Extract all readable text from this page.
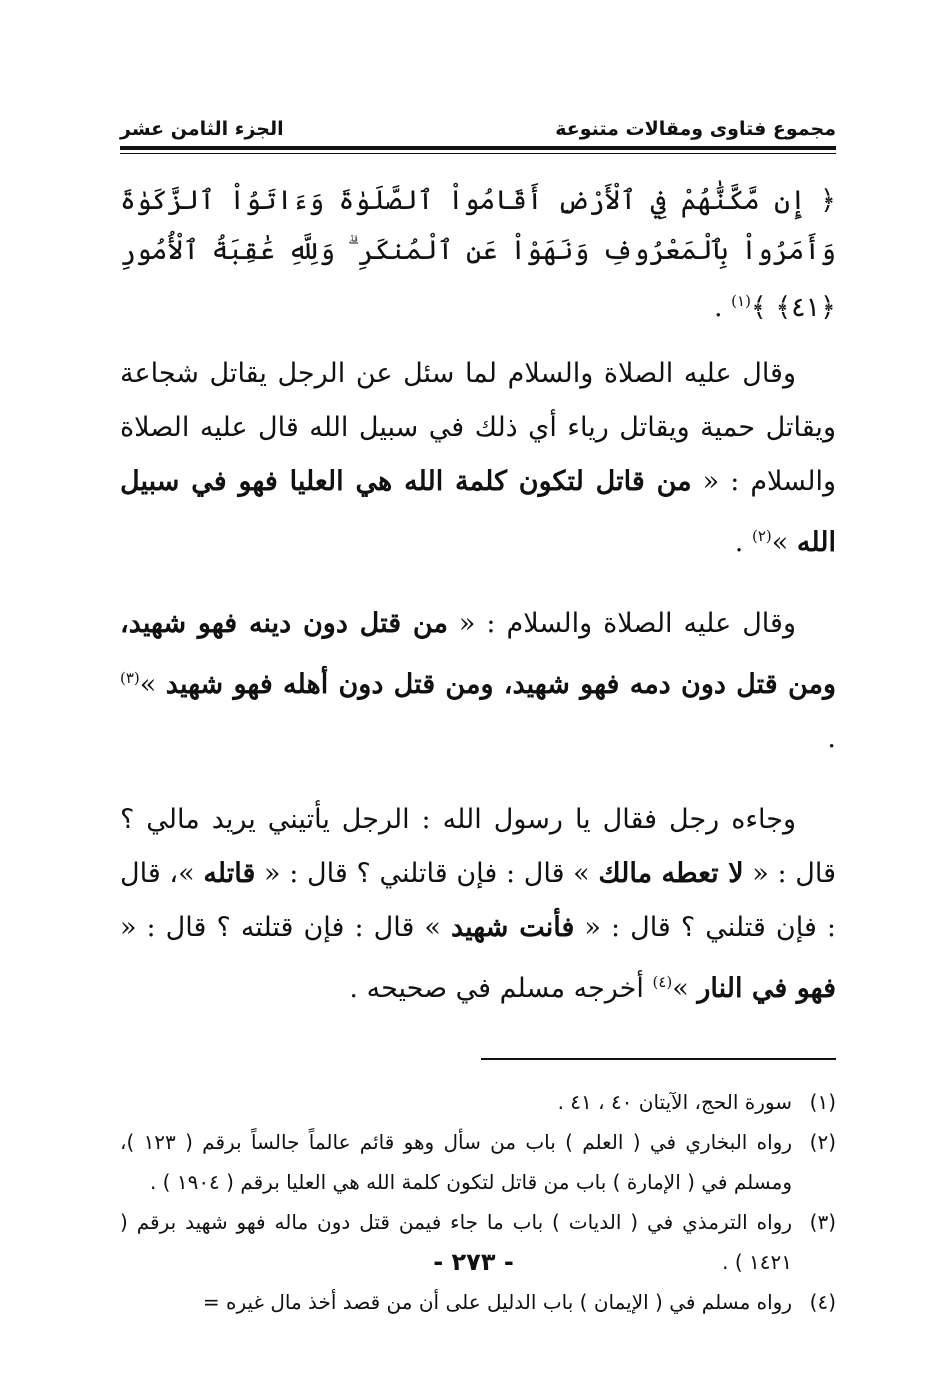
مجموع فتاوى ومقالات متنوعة
الجزء الثامن عشر
﴿ إِن مَّكَّنَّٰهُمْ فِي ٱلْأَرْضِ أَقَامُواْ ٱلصَّلَوٰةَ وَءَاتَوُاْ ٱلزَّكَوٰةَ وَأَمَرُواْ بِٱلْمَعْرُوفِ وَنَهَوْاْ عَنِ ٱلْمُنكَرِ ۗ وَلِلَّهِ عَٰقِبَةُ ٱلْأُمُورِ ﴿٤١﴾ ﴾$^{(١)}$ .

وقال عليه الصلاة والسلام لما سئل عن الرجل يقاتل شجاعة ويقاتل حمية ويقاتل رياء أي ذلك في سبيل الله قال عليه الصلاة والسلام : « من قاتل لتكون كلمة الله هي العليا فهو في سبيل الله »$^{(٢)}$ .

وقال عليه الصلاة والسلام : « من قتل دون دينه فهو شهيد، ومن قتل دون دمه فهو شهيد، ومن قتل دون أهله فهو شهيد »$^{(٣)}$ .

وجاءه رجل فقال يا رسول الله : الرجل يأتيني يريد مالي ؟ قال : « لا تعطه مالك » قال : فإن قاتلني ؟ قال : « قاتله »، قال : فإن قتلني ؟ قال : « فأنت شهيد » قال : فإن قتلته ؟ قال : « فهو في النار »$^{(٤)}$ أخرجه مسلم في صحيحه .

(١)
سورة الحج، الآيتان ٤٠ ، ٤١ .
(٢)
رواه البخاري في ( العلم ) باب من سأل وهو قائم عالماً جالساً برقم ( ١٢٣ )، ومسلم في ( الإمارة ) باب من قاتل لتكون كلمة الله هي العليا برقم ( ١٩٠٤ ) .
(٣)
رواه الترمذي في ( الديات ) باب ما جاء فيمن قتل دون ماله فهو شهيد برقم ( ١٤٢١ ) .
(٤)
رواه مسلم في ( الإيمان ) باب الدليل على أن من قصد أخذ مال غيره =
- ٢٧٣ -
